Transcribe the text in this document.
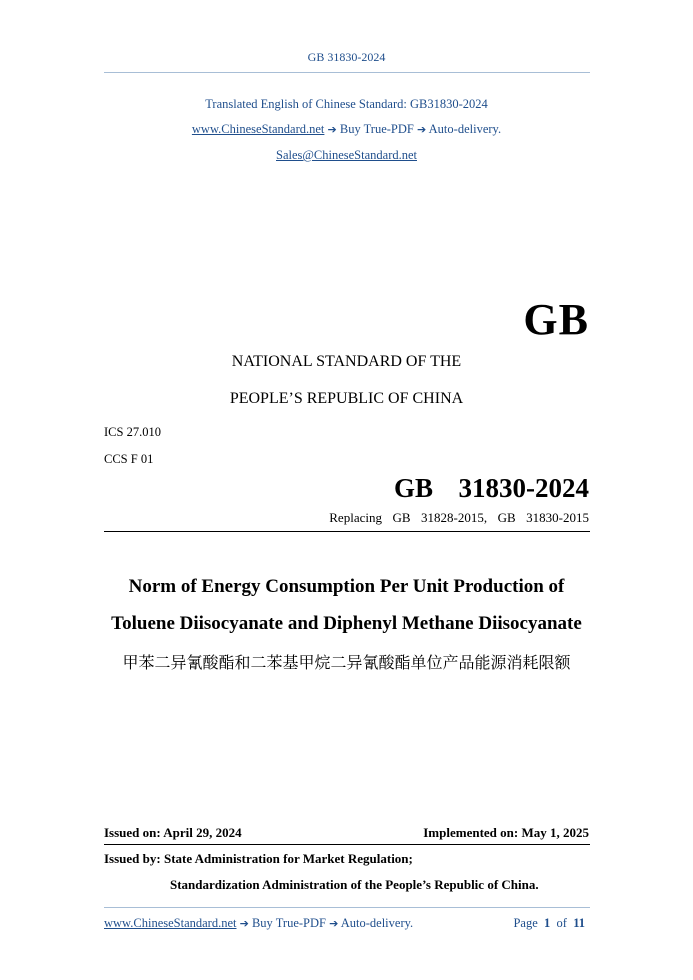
GB 31830-2024
Translated English of Chinese Standard: GB31830-2024
www.ChineseStandard.net ➔ Buy True-PDF ➔ Auto-delivery.
Sales@ChineseStandard.net
GB
NATIONAL STANDARD OF THE
PEOPLE’S REPUBLIC OF CHINA
ICS 27.010
CCS F 01
GB  31830-2024
Replacing  GB  31828-2015,  GB  31830-2015
Norm of Energy Consumption Per Unit Production of
Toluene Diisocyanate and Diphenyl Methane Diisocyanate
甲苯二异氰酸酯和二苯基甲烷二异氰酸酯单位产品能源消耗限额
Issued on: April 29, 2024	Implemented on: May 1, 2025
Issued by: State Administration for Market Regulation;
Standardization Administration of the People’s Republic of China.
www.ChineseStandard.net ➔ Buy True-PDF ➔ Auto-delivery.	Page 1 of 11
